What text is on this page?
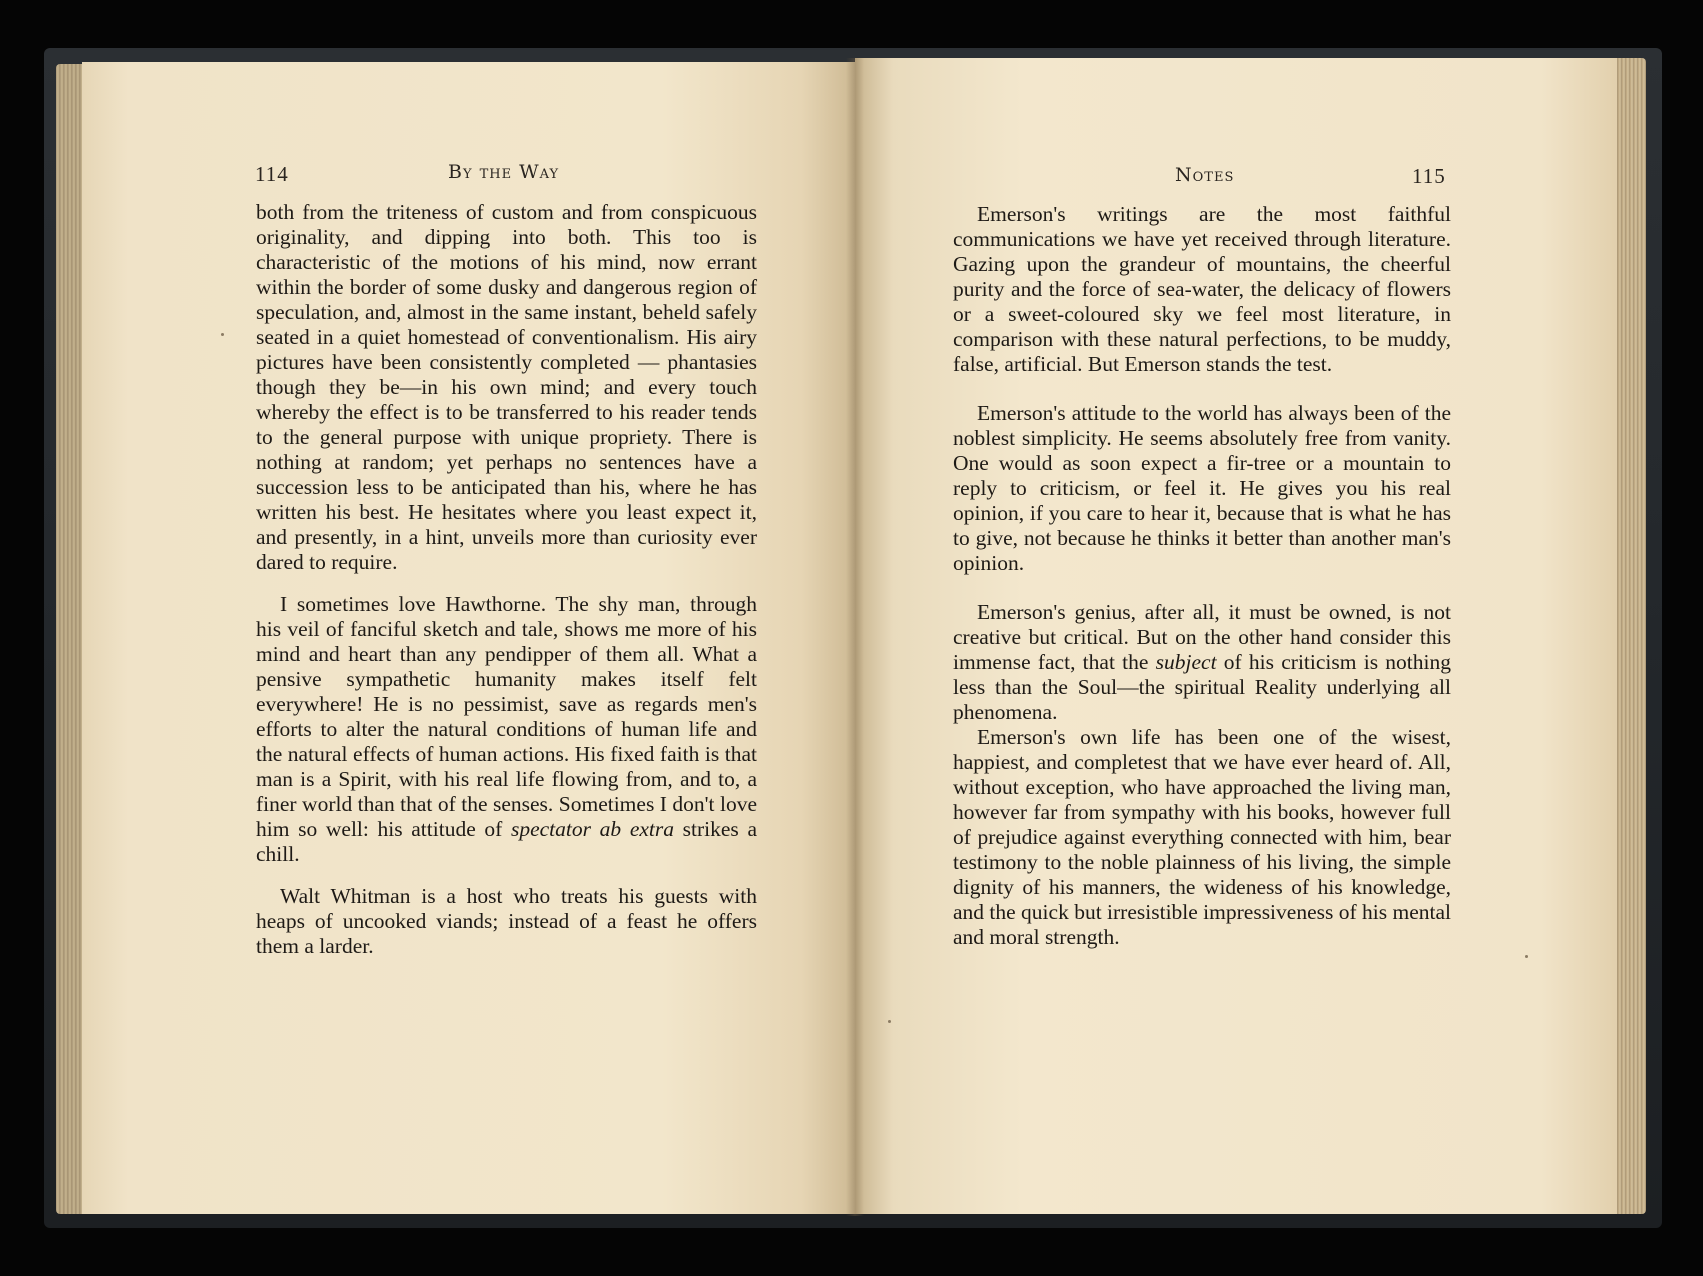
114	By the Way	Notes	115

both from the triteness of custom and from conspicuous originality, and dipping into both. This too is characteristic of the motions of his mind, now errant within the border of some dusky and dangerous region of speculation, and, almost in the same instant, beheld safely seated in a quiet homestead of conventionalism. His airy pictures have been consistently completed — phantasies though they be—in his own mind; and every touch whereby the effect is to be transferred to his reader tends to the general purpose with unique propriety. There is nothing at random; yet perhaps no sentences have a succession less to be anticipated than his, where he has written his best. He hesitates where you least expect it, and presently, in a hint, unveils more than curiosity ever dared to require.

I sometimes love Hawthorne. The shy man, through his veil of fanciful sketch and tale, shows me more of his mind and heart than any pendipper of them all. What a pensive sympathetic humanity makes itself felt everywhere! He is no pessimist, save as regards men's efforts to alter the natural conditions of human life and the natural effects of human actions. His fixed faith is that man is a Spirit, with his real life flowing from, and to, a finer world than that of the senses. Sometimes I don't love him so well: his attitude of spectator ab extra strikes a chill.

Walt Whitman is a host who treats his guests with heaps of uncooked viands; instead of a feast he offers them a larder.

Emerson's writings are the most faithful communications we have yet received through literature. Gazing upon the grandeur of mountains, the cheerful purity and the force of sea-water, the delicacy of flowers or a sweet-coloured sky we feel most literature, in comparison with these natural perfections, to be muddy, false, artificial. But Emerson stands the test.

Emerson's attitude to the world has always been of the noblest simplicity. He seems absolutely free from vanity. One would as soon expect a fir-tree or a mountain to reply to criticism, or feel it. He gives you his real opinion, if you care to hear it, because that is what he has to give, not because he thinks it better than another man's opinion.

Emerson's genius, after all, it must be owned, is not creative but critical. But on the other hand consider this immense fact, that the subject of his criticism is nothing less than the Soul—the spiritual Reality underlying all phenomena.

Emerson's own life has been one of the wisest, happiest, and completest that we have ever heard of. All, without exception, who have approached the living man, however far from sympathy with his books, however full of prejudice against everything connected with him, bear testimony to the noble plainness of his living, the simple dignity of his manners, the wideness of his knowledge, and the quick but irresistible impressiveness of his mental and moral strength.
